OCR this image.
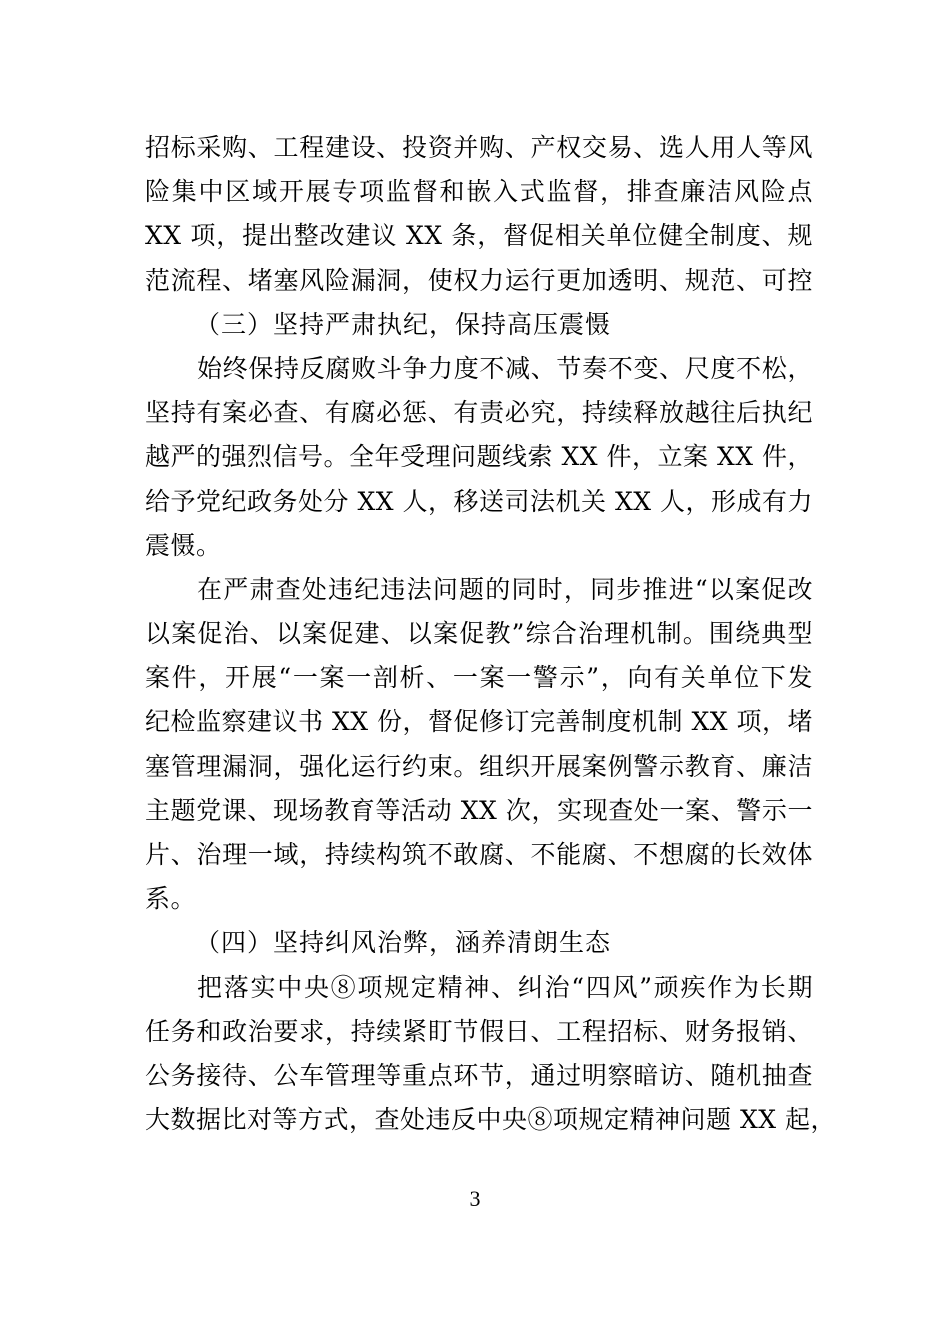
招标采购、工程建设、投资并购、产权交易、选人用人等风
险集中区域开展专项监督和嵌入式监督，排查廉洁风险点
XX 项，提出整改建议 XX 条，督促相关单位健全制度、规
范流程、堵塞风险漏洞，使权力运行更加透明、规范、可控
（三）坚持严肃执纪，保持高压震慑
始终保持反腐败斗争力度不减、节奏不变、尺度不松，
坚持有案必查、有腐必惩、有责必究，持续释放越往后执纪
越严的强烈信号。全年受理问题线索 XX 件，立案 XX 件，
给予党纪政务处分 XX 人，移送司法机关 XX 人，形成有力
震慑。
在严肃查处违纪违法问题的同时，同步推进“以案促改
以案促治、以案促建、以案促教”综合治理机制。围绕典型
案件，开展“一案一剖析、一案一警示”，向有关单位下发
纪检监察建议书 XX 份，督促修订完善制度机制 XX 项，堵
塞管理漏洞，强化运行约束。组织开展案例警示教育、廉洁
主题党课、现场教育等活动 XX 次，实现查处一案、警示一
片、治理一域，持续构筑不敢腐、不能腐、不想腐的长效体
系。
（四）坚持纠风治弊，涵养清朗生态
把落实中央⑧项规定精神、纠治“四风”顽疾作为长期
任务和政治要求，持续紧盯节假日、工程招标、财务报销、
公务接待、公车管理等重点环节，通过明察暗访、随机抽查
大数据比对等方式，查处违反中央⑧项规定精神问题 XX 起，
3
